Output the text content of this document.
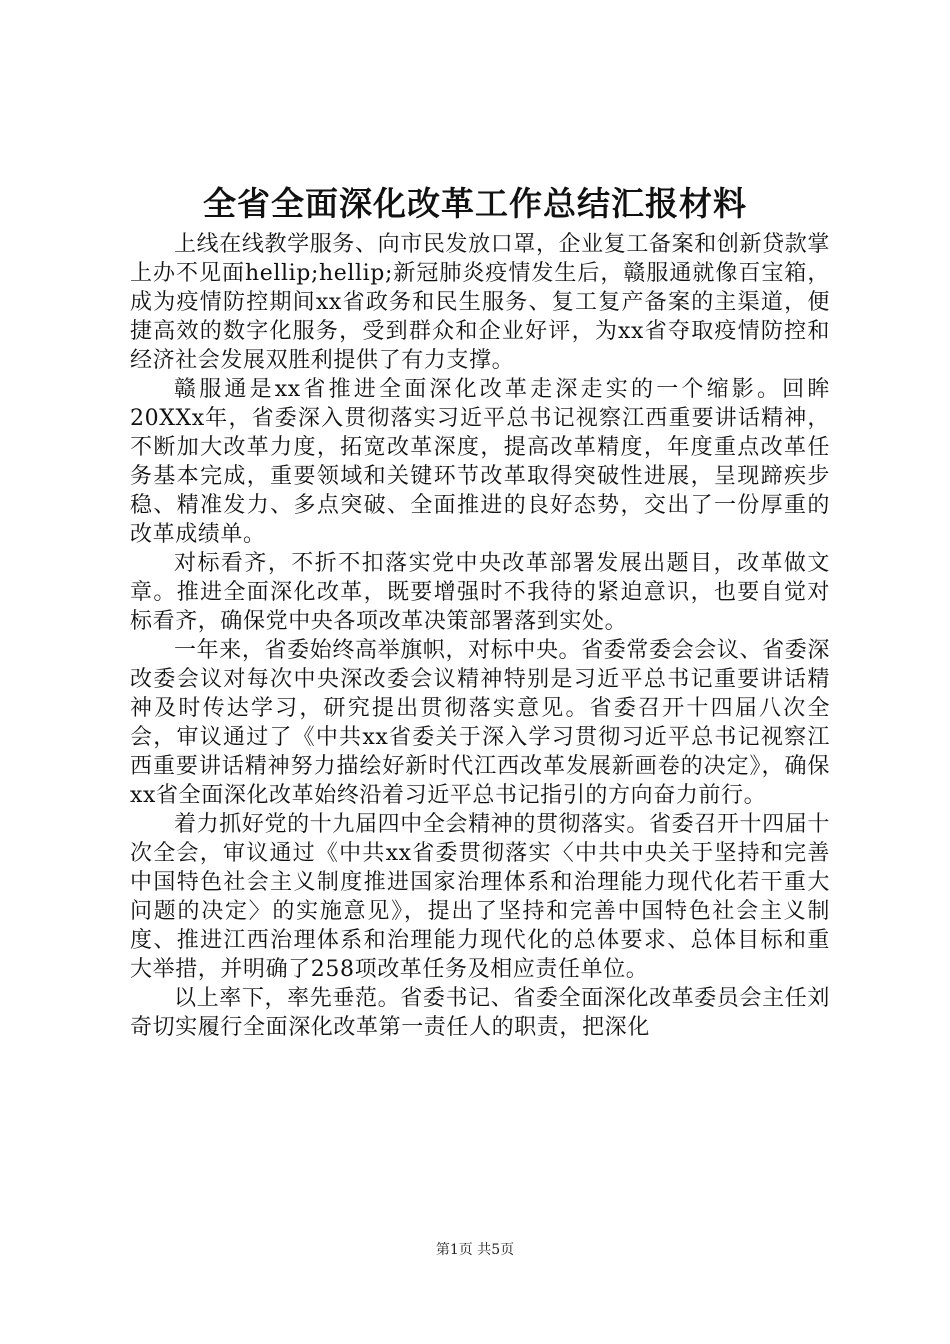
全省全面深化改革工作总结汇报材料

上线在线教学服务、向市民发放口罩，企业复工备案和创新贷款掌上办不见面hellip;hellip;新冠肺炎疫情发生后，赣服通就像百宝箱，成为疫情防控期间xx省政务和民生服务、复工复产备案的主渠道，便捷高效的数字化服务，受到群众和企业好评，为xx省夺取疫情防控和经济社会发展双胜利提供了有力支撑。

赣服通是xx省推进全面深化改革走深走实的一个缩影。回眸20XXx年，省委深入贯彻落实习近平总书记视察江西重要讲话精神，不断加大改革力度，拓宽改革深度，提高改革精度，年度重点改革任务基本完成，重要领域和关键环节改革取得突破性进展，呈现蹄疾步稳、精准发力、多点突破、全面推进的良好态势，交出了一份厚重的改革成绩单。

对标看齐，不折不扣落实党中央改革部署发展出题目，改革做文章。推进全面深化改革，既要增强时不我待的紧迫意识，也要自觉对标看齐，确保党中央各项改革决策部署落到实处。

一年来，省委始终高举旗帜，对标中央。省委常委会会议、省委深改委会议对每次中央深改委会议精神特别是习近平总书记重要讲话精神及时传达学习，研究提出贯彻落实意见。省委召开十四届八次全会，审议通过了《中共xx省委关于深入学习贯彻习近平总书记视察江西重要讲话精神努力描绘好新时代江西改革发展新画卷的决定》，确保xx省全面深化改革始终沿着习近平总书记指引的方向奋力前行。

着力抓好党的十九届四中全会精神的贯彻落实。省委召开十四届十次全会，审议通过《中共xx省委贯彻落实〈中共中央关于坚持和完善中国特色社会主义制度推进国家治理体系和治理能力现代化若干重大问题的决定〉的实施意见》，提出了坚持和完善中国特色社会主义制度、推进江西治理体系和治理能力现代化的总体要求、总体目标和重大举措，并明确了258项改革任务及相应责任单位。

以上率下，率先垂范。省委书记、省委全面深化改革委员会主任刘奇切实履行全面深化改革第一责任人的职责，把深化

第1页 共5页
